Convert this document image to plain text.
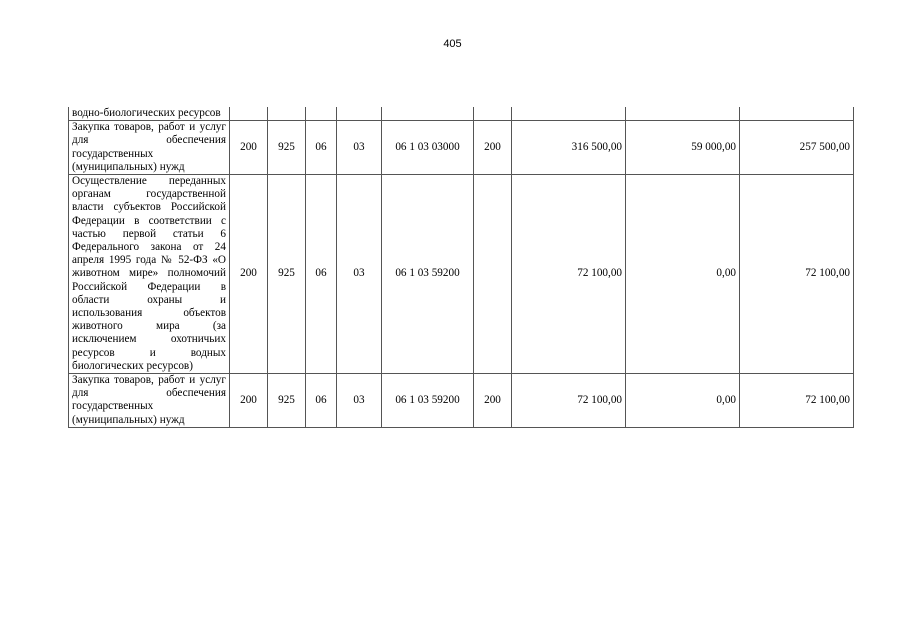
405
водно-биологических ресурсов									
Закупка товаров, работ и услуг для обеспечения государственных (муниципальных) нужд	200	925	06	03	06 1 03 03000	200	316 500,00	59 000,00	257 500,00
Осуществление переданных органам государственной власти субъектов Российской Федерации в соответствии с частью первой статьи 6 Федерального закона от 24 апреля 1995 года № 52-ФЗ «О животном мире» полномочий Российской Федерации в области охраны и использования объектов животного мира (за исключением охотничьих ресурсов и водных биологических ресурсов)	200	925	06	03	06 1 03 59200		72 100,00	0,00	72 100,00
Закупка товаров, работ и услуг для обеспечения государственных (муниципальных) нужд	200	925	06	03	06 1 03 59200	200	72 100,00	0,00	72 100,00
